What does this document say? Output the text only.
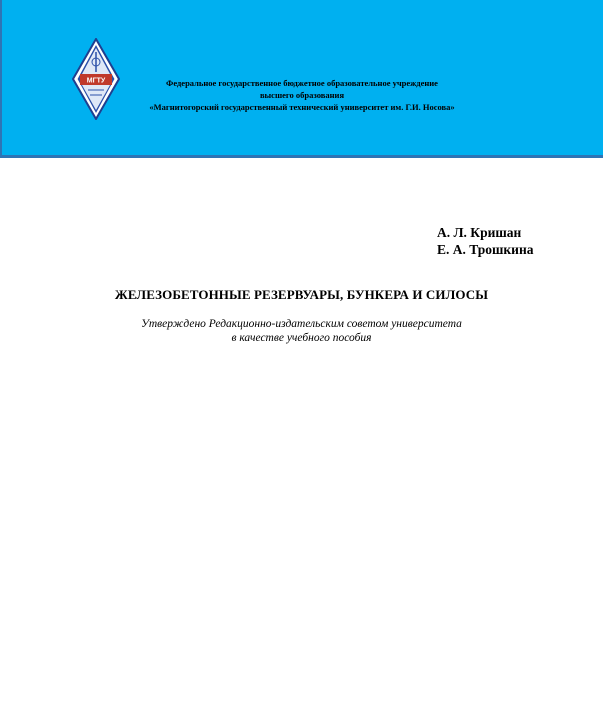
МГТУ	Федеральное государственное бюджетное образовательное учреждение
высшего образования
«Магнитогорский государственный технический университет им. Г.И. Носова»
А. Л. Кришан
Е. А. Трошкина
ЖЕЛЕЗОБЕТОННЫЕ РЕЗЕРВУАРЫ, БУНКЕРА И СИЛОСЫ
Утверждено Редакционно-издательским советом университета
в качестве учебного пособия
